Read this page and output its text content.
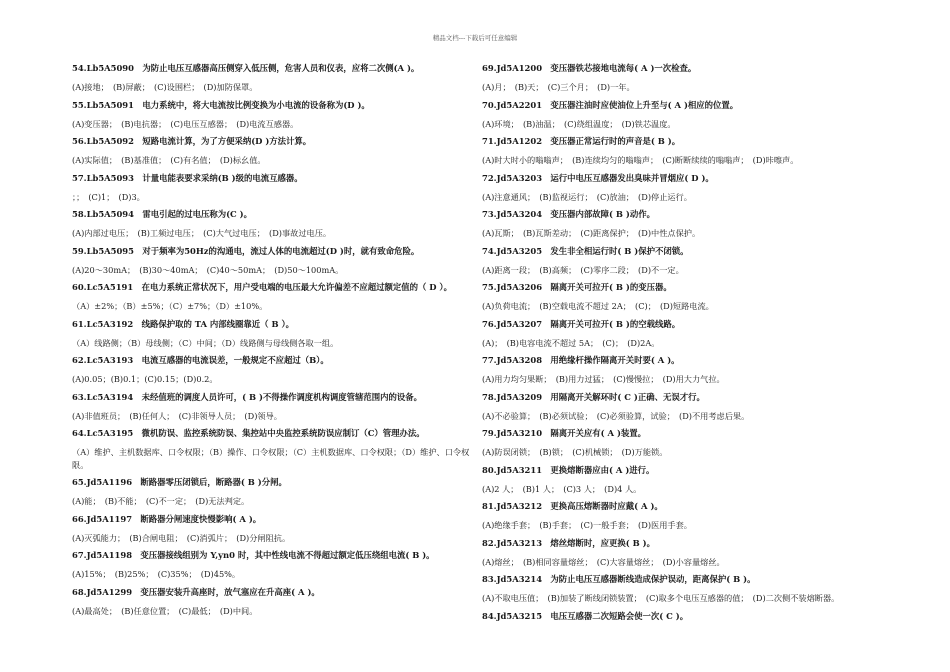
精品文档---下载后可任意编辑
54.Lb5A5090　为防止电压互感器高压侧穿入低压侧，危害人员和仪表，应将二次侧(A )。
(A)接地；　(B)屏蔽；　(C)设围栏；　(D)加防保罩。
55.Lb5A5091　电力系统中，将大电流按比例变换为小电流的设备称为(D )。
(A)变压器；　(B)电抗器；　(C)电压互感器；　(D)电流互感器。
56.Lb5A5092　短路电流计算，为了方便采纳(D )方法计算。
(A)实际值；　(B)基准值；　(C)有名值；　(D)标幺值。
57.Lb5A5093　计量电能表要求采纳(B )级的电流互感器。
；；　(C)1；　(D)3。
58.Lb5A5094　雷电引起的过电压称为(C )。
(A)内部过电压；　(B)工频过电压；　(C)大气过电压；　(D)事故过电压。
59.Lb5A5095　对于频率为50Hz的沟通电，流过人体的电流超过(D )时，就有致命危险。
(A)20～30mA；　(B)30～40mA；　(C)40～50mA；　(D)50～100mA。
60.Lc5A5191　在电力系统正常状况下，用户受电端的电压最大允许偏差不应超过额定值的（ D ）。
（A）±2%；（B）±5%；（C）±7%；（D）±10%。
61.Lc5A3192　线路保护取的 TA 内部线圈靠近（ B ）。
（A）线路侧；（B）母线侧；（C）中间；（D）线路侧与母线侧各取一组。
62.Lc5A3193　电流互感器的电流误差，一般规定不应超过（B）。
(A)0.05；(B)0.1；(C)0.15；(D)0.2。
63.Lc5A3194　未经值班的调度人员许可，( B )不得操作调度机构调度管辖范围内的设备。
(A)非值班员；　(B)任何人；　(C)非领导人员；　(D)领导。
64.Lc5A3195　微机防误、监控系统防误、集控站中央监控系统防误应制订（C）管理办法。
（A）维护、主机数据库、口令权限；（B）操作、口令权限；（C）主机数据库、口令权限；（D）维护、口令权限。
65.Jd5A1196　断路器零压闭锁后，断路器( B )分闸。
(A)能；　(B)不能；　(C)不一定；　(D)无法判定。
66.Jd5A1197　断路器分闸速度快慢影响( A )。
(A)灭弧能力；　(B)合闸电阻；　(C)消弧片；　(D)分闸阻抗。
67.Jd5A1198　变压器接线组别为 Y,yn0 时，其中性线电流不得超过额定低压绕组电流( B )。
(A)15%；　(B)25%；　(C)35%；　(D)45%。
68.Jd5A1299　变压器安装升高座时，放气塞应在升高座( A )。
(A)最高处；　(B)任意位置；　(C)最低；　(D)中间。
69.Jd5A1200　变压器铁芯接地电流每( A )一次检查。
(A)月；　(B)天；　(C)三个月；　(D)一年。
70.Jd5A2201　变压器注油时应使油位上升至与( A )相应的位置。
(A)环境；　(B)油温；　(C)绕组温度；　(D)铁芯温度。
71.Jd5A1202　变压器正常运行时的声音是( B )。
(A)时大时小的嗡嗡声；　(B)连续均匀的嗡嗡声；　(C)断断续续的嗡嗡声；　(D)咔嚓声。
72.Jd5A3203　运行中电压互感器发出臭味并冒烟应( D )。
(A)注意通风；　(B)监视运行；　(C)放油；　(D)停止运行。
73.Jd5A3204　变压器内部故障( B )动作。
(A)瓦斯；　(B)瓦斯差动；　(C)距离保护；　(D)中性点保护。
74.Jd5A3205　发生非全相运行时( B )保护不闭锁。
(A)距离一段；　(B)高频；　(C)零序二段；　(D)不一定。
75.Jd5A3206　隔离开关可拉开( B )的变压器。
(A)负荷电流；　(B)空载电流不超过 2A；　(C)；　(D)短路电流。
76.Jd5A3207　隔离开关可拉开( B )的空载线路。
(A)；　(B)电容电流不超过 5A；　(C)；　(D)2A。
77.Jd5A3208　用绝缘杆操作隔离开关时要( A )。
(A)用力均匀果断；　(B)用力过猛；　(C)慢慢拉；　(D)用大力气拉。
78.Jd5A3209　用隔离开关解环时( C )正确、无误才行。
(A)不必验算；　(B)必须试验；　(C)必须验算，试验；　(D)不用考虑后果。
79.Jd5A3210　隔离开关应有( A )装置。
(A)防误闭锁；　(B)锁；　(C)机械锁；　(D)万能锁。
80.Jd5A3211　更换熔断器应由( A )进行。
(A)2 人；　(B)1 人；　(C)3 人；　(D)4 人。
81.Jd5A3212　更换高压熔断器时应戴( A )。
(A)绝缘手套；　(B)手套；　(C)一般手套；　(D)医用手套。
82.Jd5A3213　熔丝熔断时，应更换( B )。
(A)熔丝；　(B)相同容量熔丝；　(C)大容量熔丝；　(D)小容量熔丝。
83.Jd5A3214　为防止电压互感器断线造成保护误动，距离保护( B )。
(A)不取电压值；　(B)加装了断线闭锁装置；　(C)取多个电压互感器的值；　(D)二次侧不装熔断器。
84.Jd5A3215　电压互感器二次短路会使一次( C )。
